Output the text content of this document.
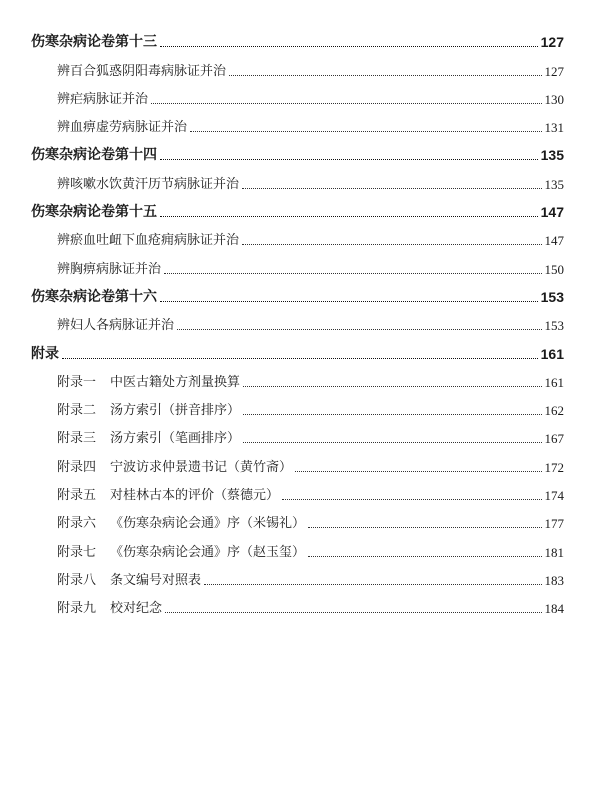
伤寒杂病论卷第十三	127
辨百合狐惑阴阳毒病脉证并治	127
辨疟病脉证并治	130
辨血痹虚劳病脉证并治	131
伤寒杂病论卷第十四	135
辨咳嗽水饮黄汗历节病脉证并治	135
伤寒杂病论卷第十五	147
辨瘀血吐衄下血疮痈病脉证并治	147
辨胸痹病脉证并治	150
伤寒杂病论卷第十六	153
辨妇人各病脉证并治	153
附录	161
附录一 中医古籍处方剂量换算	161
附录二 汤方索引（拼音排序）	162
附录三 汤方索引（笔画排序）	167
附录四 宁波访求仲景遗书记（黄竹斋）	172
附录五 对桂林古本的评价（蔡德元）	174
附录六 《伤寒杂病论会通》序（米锡礼）	177
附录七 《伤寒杂病论会通》序（赵玉玺）	181
附录八 条文编号对照表	183
附录九 校对纪念	184
